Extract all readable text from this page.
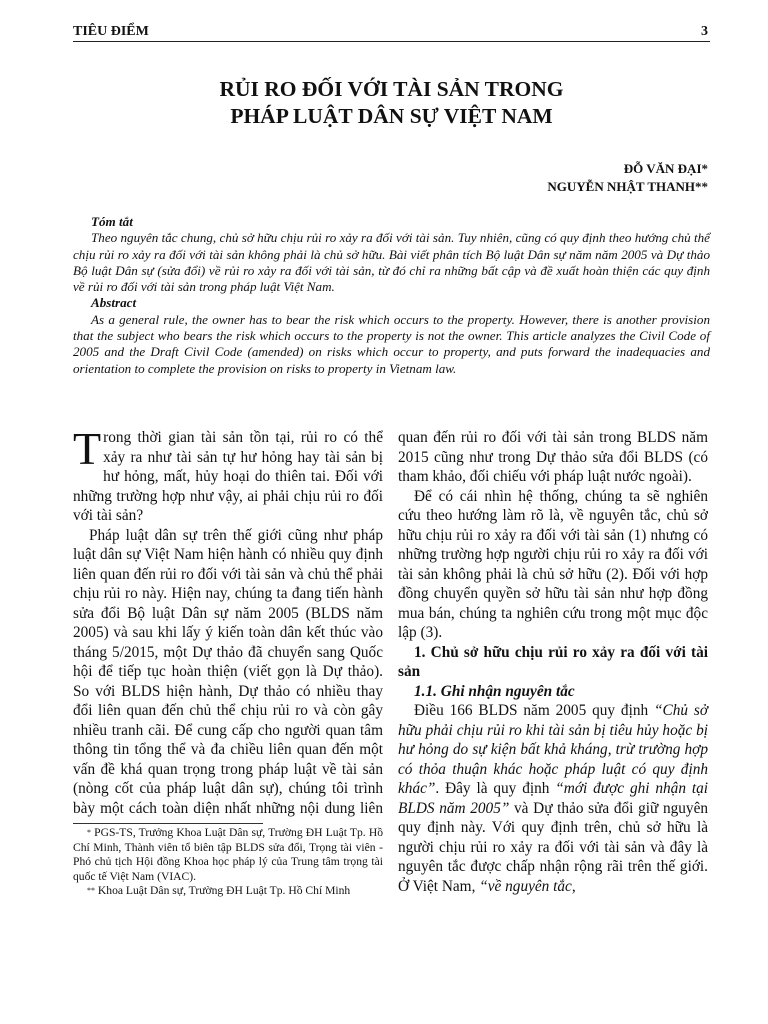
TIÊU ĐIỂM	3
RỦI RO ĐỐI VỚI TÀI SẢN TRONG
PHÁP LUẬT DÂN SỰ VIỆT NAM
ĐỖ VĂN ĐẠI*
NGUYỄN NHẬT THANH**
Tóm tắt

Theo nguyên tắc chung, chủ sở hữu chịu rủi ro xảy ra đối với tài sản. Tuy nhiên, cũng có quy định theo hướng chủ thể chịu rủi ro xảy ra đối với tài sản không phải là chủ sở hữu. Bài viết phân tích Bộ luật Dân sự năm năm 2005 và Dự thảo Bộ luật Dân sự (sửa đổi) về rủi ro xảy ra đối với tài sản, từ đó chỉ ra những bất cập và đề xuất hoàn thiện các quy định về rủi ro đối với tài sản trong pháp luật Việt Nam.

Abstract

As a general rule, the owner has to bear the risk which occurs to the property. However, there is another provision that the subject who bears the risk which occurs to the property is not the owner. This article analyzes the Civil Code of 2005 and the Draft Civil Code (amended) on risks which occur to property, and puts forward the inadequacies and orientation to complete the provision on risks to property in Vietnam law.

Trong thời gian tài sản tồn tại, rủi ro có thể xảy ra như tài sản tự hư hỏng hay tài sản bị hư hỏng, mất, hủy hoại do thiên tai. Đối với những trường hợp như vậy, ai phải chịu rủi ro đối với tài sản?

Pháp luật dân sự trên thế giới cũng như pháp luật dân sự Việt Nam hiện hành có nhiều quy định liên quan đến rủi ro đối với tài sản và chủ thể phải chịu rủi ro này. Hiện nay, chúng ta đang tiến hành sửa đổi Bộ luật Dân sự năm 2005 (BLDS năm 2005) và sau khi lấy ý kiến toàn dân kết thúc vào tháng 5/2015, một Dự thảo đã chuyển sang Quốc hội để tiếp tục hoàn thiện (viết gọn là Dự thảo). So với BLDS hiện hành, Dự thảo có nhiều thay đổi liên quan đến chủ thể chịu rủi ro và còn gây nhiều tranh cãi. Để cung cấp cho người quan tâm thông tin tổng thể và đa chiều liên quan đến một vấn đề khá quan trọng trong pháp luật về tài sản (nòng cốt của pháp luật dân sự), chúng tôi trình bày một cách toàn diện nhất những nội dung liên

quan đến rủi ro đối với tài sản trong BLDS năm 2015 cũng như trong Dự thảo sửa đổi BLDS (có tham khảo, đối chiếu với pháp luật nước ngoài).

Để có cái nhìn hệ thống, chúng ta sẽ nghiên cứu theo hướng làm rõ là, về nguyên tắc, chủ sở hữu chịu rủi ro xảy ra đối với tài sản (1) nhưng có những trường hợp người chịu rủi ro xảy ra đối với tài sản không phải là chủ sở hữu (2). Đối với hợp đồng chuyển quyền sở hữu tài sản như hợp đồng mua bán, chúng ta nghiên cứu trong một mục độc lập (3).

1. Chủ sở hữu chịu rủi ro xảy ra đối với tài sản

1.1. Ghi nhận nguyên tắc

Điều 166 BLDS năm 2005 quy định “Chủ sở hữu phải chịu rủi ro khi tài sản bị tiêu hủy hoặc bị hư hỏng do sự kiện bất khả kháng, trừ trường hợp có thỏa thuận khác hoặc pháp luật có quy định khác”. Đây là quy định “mới được ghi nhận tại BLDS năm 2005” và Dự thảo sửa đổi giữ nguyên quy định này. Với quy định trên, chủ sở hữu là người chịu rủi ro xảy ra đối với tài sản và đây là nguyên tắc được chấp nhận rộng rãi trên thế giới. Ở Việt Nam, “về nguyên tắc,

* PGS-TS, Trưởng Khoa Luật Dân sự, Trường ĐH Luật Tp. Hồ Chí Minh, Thành viên tổ biên tập BLDS sửa đổi, Trọng tài viên - Phó chủ tịch Hội đồng Khoa học pháp lý của Trung tâm trọng tài quốc tế Việt Nam (VIAC).

** Khoa Luật Dân sự, Trường ĐH Luật Tp. Hồ Chí Minh
